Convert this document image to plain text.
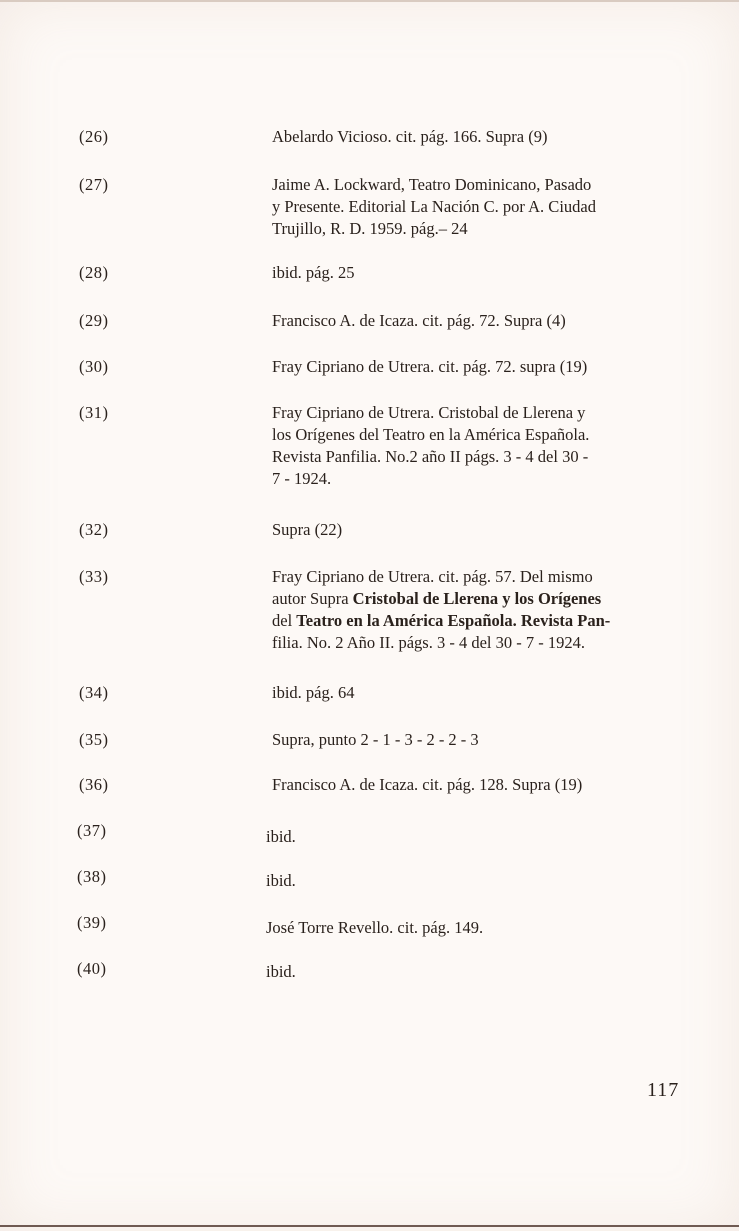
(26)	Abelardo Vicioso. cit. pág. 166. Supra (9)
(27)	Jaime A. Lockward, Teatro Dominicano, Pasado
y Presente. Editorial La Nación C. por A. Ciudad
Trujillo, R. D. 1959. pág.– 24
(28)	ibid. pág. 25
(29)	Francisco A. de Icaza. cit. pág. 72. Supra (4)
(30)	Fray Cipriano de Utrera. cit. pág. 72. supra (19)
(31)	Fray Cipriano de Utrera. Cristobal de Llerena y
los Orígenes del Teatro en la América Española.
Revista Panfilia. No.2 año II págs. 3 - 4 del 30 -
7 - 1924.
(32)	Supra (22)
(33)	Fray Cipriano de Utrera. cit. pág. 57. Del mismo
autor Supra Cristobal de Llerena y los Orígenes
del Teatro en la América Española. Revista Pan-
filia. No. 2 Año II. págs. 3 - 4 del 30 - 7 - 1924.
(34)	ibid. pág. 64
(35)	Supra, punto 2 - 1 - 3 - 2 - 2 - 3
(36)	Francisco A. de Icaza. cit. pág. 128. Supra (19)
(37)	ibid.
(38)	ibid.
(39)	José Torre Revello. cit. pág. 149.
(40)	ibid.
117
